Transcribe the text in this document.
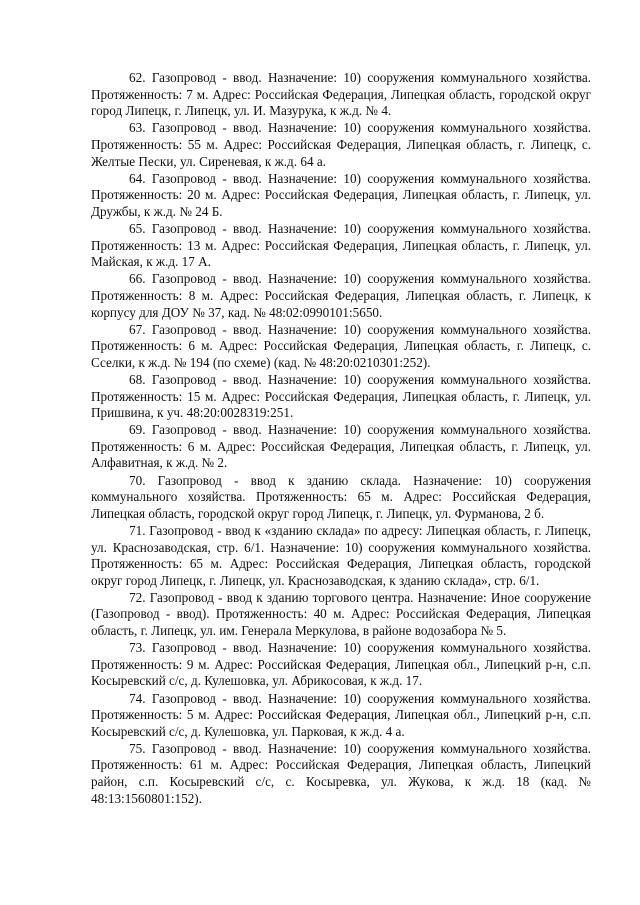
62. Газопровод - ввод. Назначение: 10) сооружения коммунального хозяйства. Протяженность: 7 м. Адрес: Российская Федерация, Липецкая область, городской округ город Липецк, г. Липецк, ул. И. Мазурука, к ж.д. № 4.

63. Газопровод - ввод. Назначение: 10) сооружения коммунального хозяйства. Протяженность: 55 м. Адрес: Российская Федерация, Липецкая область, г. Липецк, с. Желтые Пески, ул. Сиреневая, к ж.д. 64 а.

64. Газопровод - ввод. Назначение: 10) сооружения коммунального хозяйства. Протяженность: 20 м. Адрес: Российская Федерация, Липецкая область, г. Липецк, ул. Дружбы, к ж.д. № 24 Б.

65. Газопровод - ввод. Назначение: 10) сооружения коммунального хозяйства. Протяженность: 13 м. Адрес: Российская Федерация, Липецкая область, г. Липецк, ул. Майская, к ж.д. 17 А.

66. Газопровод - ввод. Назначение: 10) сооружения коммунального хозяйства. Протяженность: 8 м. Адрес: Российская Федерация, Липецкая область, г. Липецк, к корпусу для ДОУ № 37, кад. № 48:02:0990101:5650.

67. Газопровод - ввод. Назначение: 10) сооружения коммунального хозяйства. Протяженность: 6 м. Адрес: Российская Федерация, Липецкая область, г. Липецк, с. Сселки, к ж.д. № 194 (по схеме) (кад. № 48:20:0210301:252).

68. Газопровод - ввод. Назначение: 10) сооружения коммунального хозяйства. Протяженность: 15 м. Адрес: Российская Федерация, Липецкая область, г. Липецк, ул. Пришвина, к уч. 48:20:0028319:251.

69. Газопровод - ввод. Назначение: 10) сооружения коммунального хозяйства. Протяженность: 6 м. Адрес: Российская Федерация, Липецкая область, г. Липецк, ул. Алфавитная, к ж.д. № 2.

70. Газопровод - ввод к зданию склада. Назначение: 10) сооружения коммунального хозяйства. Протяженность: 65 м. Адрес: Российская Федерация, Липецкая область, городской округ город Липецк, г. Липецк, ул. Фурманова, 2 б.

71. Газопровод - ввод к «зданию склада» по адресу: Липецкая область, г. Липецк, ул. Краснозаводская, стр. 6/1. Назначение: 10) сооружения коммунального хозяйства. Протяженность: 65 м. Адрес: Российская Федерация, Липецкая область, городской округ город Липецк, г. Липецк, ул. Краснозаводская, к зданию склада», стр. 6/1.

72. Газопровод - ввод к зданию торгового центра. Назначение: Иное сооружение (Газопровод - ввод). Протяженность: 40 м. Адрес: Российская Федерация, Липецкая область, г. Липецк, ул. им. Генерала Меркулова, в районе водозабора № 5.

73. Газопровод - ввод. Назначение: 10) сооружения коммунального хозяйства. Протяженность: 9 м. Адрес: Российская Федерация, Липецкая обл., Липецкий р-н, с.п. Косыревский с/с, д. Кулешовка, ул. Абрикосовая, к ж.д. 17.

74. Газопровод - ввод. Назначение: 10) сооружения коммунального хозяйства. Протяженность: 5 м. Адрес: Российская Федерация, Липецкая обл., Липецкий р-н, с.п. Косыревский с/с, д. Кулешовка, ул. Парковая, к ж.д. 4 а.

75. Газопровод - ввод. Назначение: 10) сооружения коммунального хозяйства. Протяженность: 61 м. Адрес: Российская Федерация, Липецкая область, Липецкий район, с.п. Косыревский с/с, с. Косыревка, ул. Жукова, к ж.д. 18 (кад. № 48:13:1560801:152).
